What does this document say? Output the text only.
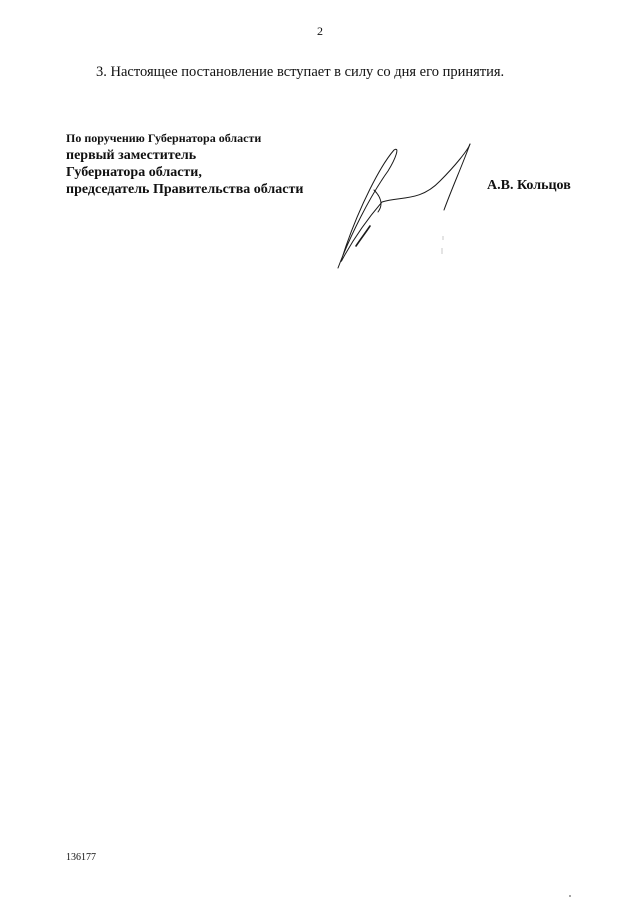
2
3. Настоящее постановление вступает в силу со дня его принятия.
По поручению Губернатора области
первый заместитель
Губернатора области,
председатель Правительства области	А.В. Кольцов
136177
